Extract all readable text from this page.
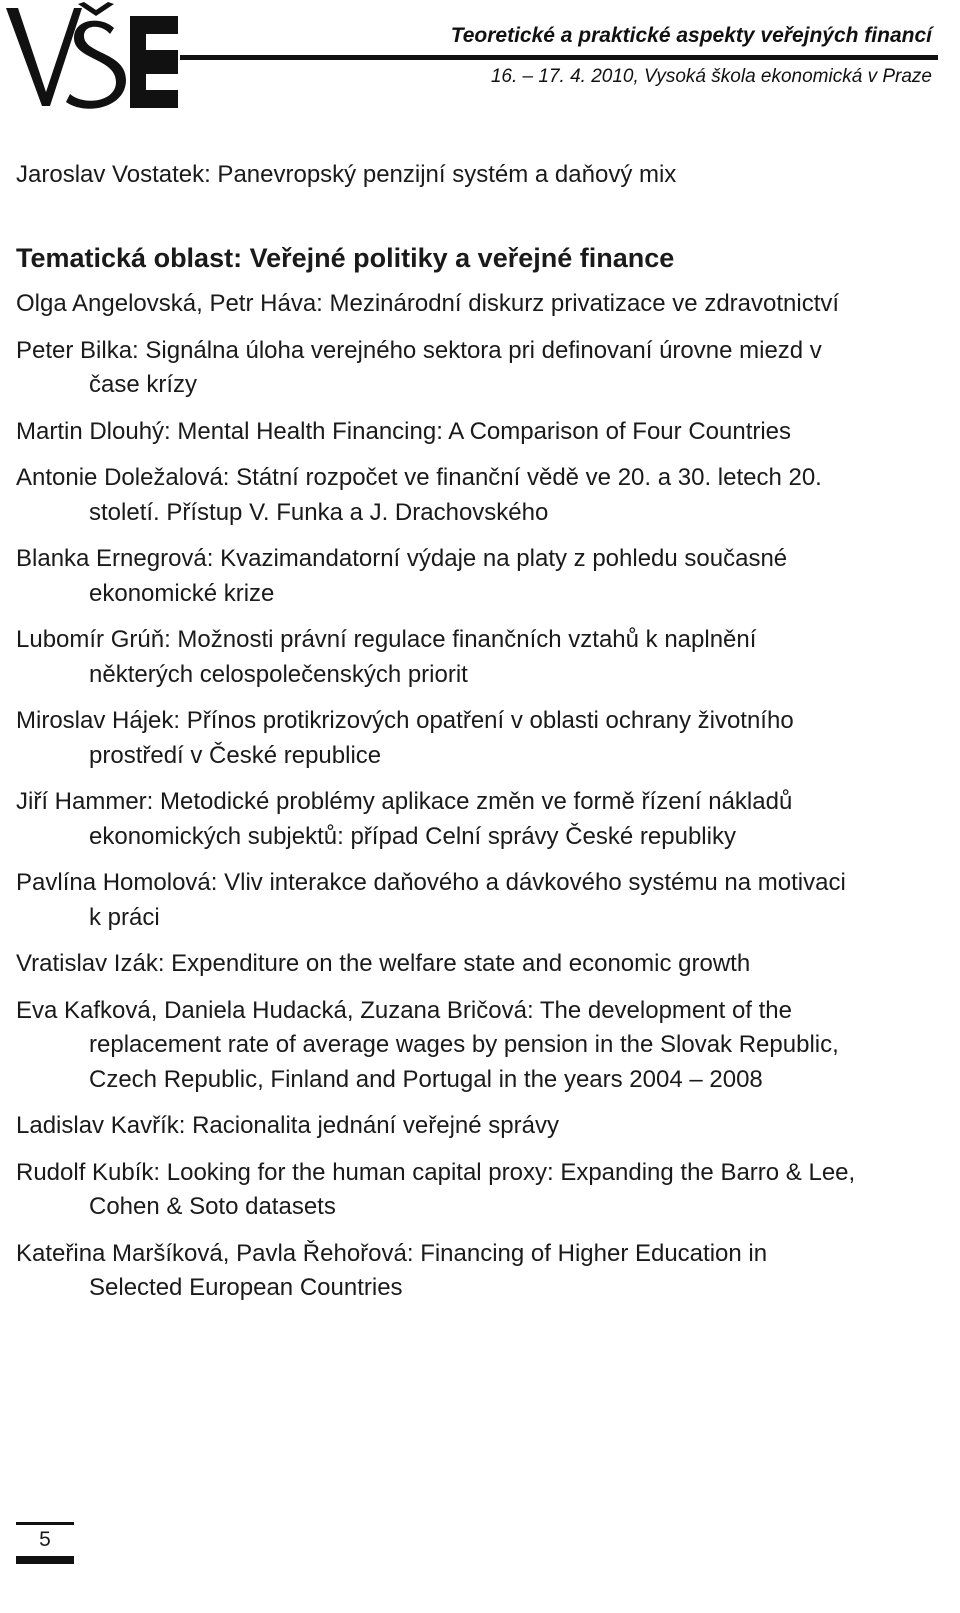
Teoretické a praktické aspekty veřejných financí
16. – 17. 4. 2010, Vysoká škola ekonomická v Praze
Jaroslav Vostatek: Panevropský penzijní systém a daňový mix
Tematická oblast: Veřejné politiky a veřejné finance
Olga Angelovská, Petr Háva: Mezinárodní diskurz privatizace ve zdravotnictví
Peter Bilka: Signálna úloha verejného sektora pri definovaní úrovne miezd v čase krízy
Martin Dlouhý: Mental Health Financing: A Comparison of Four Countries
Antonie Doležalová: Státní rozpočet ve finanční vědě ve 20. a 30. letech 20. století. Přístup V. Funka a J. Drachovského
Blanka Ernegrová: Kvazimandatorní výdaje na platy z pohledu současné ekonomické krize
Lubomír Grúň: Možnosti právní regulace finančních vztahů k naplnění některých celospolečenských priorit
Miroslav Hájek: Přínos protikrizových opatření v oblasti ochrany životního prostředí v České republice
Jiří Hammer: Metodické problémy aplikace změn ve formě řízení nákladů ekonomických subjektů: případ Celní správy České republiky
Pavlína Homolová: Vliv interakce daňového a dávkového systému na motivaci k práci
Vratislav Izák: Expenditure on the welfare state and economic growth
Eva Kafková, Daniela Hudacká, Zuzana Bričová: The development of the replacement rate of average wages by pension in the Slovak Republic, Czech Republic, Finland and Portugal in the years 2004 – 2008
Ladislav Kavřík: Racionalita jednání veřejné správy
Rudolf Kubík: Looking for the human capital proxy: Expanding the Barro & Lee, Cohen & Soto datasets
Kateřina Maršíková, Pavla Řehořová: Financing of Higher Education in Selected European Countries
5
